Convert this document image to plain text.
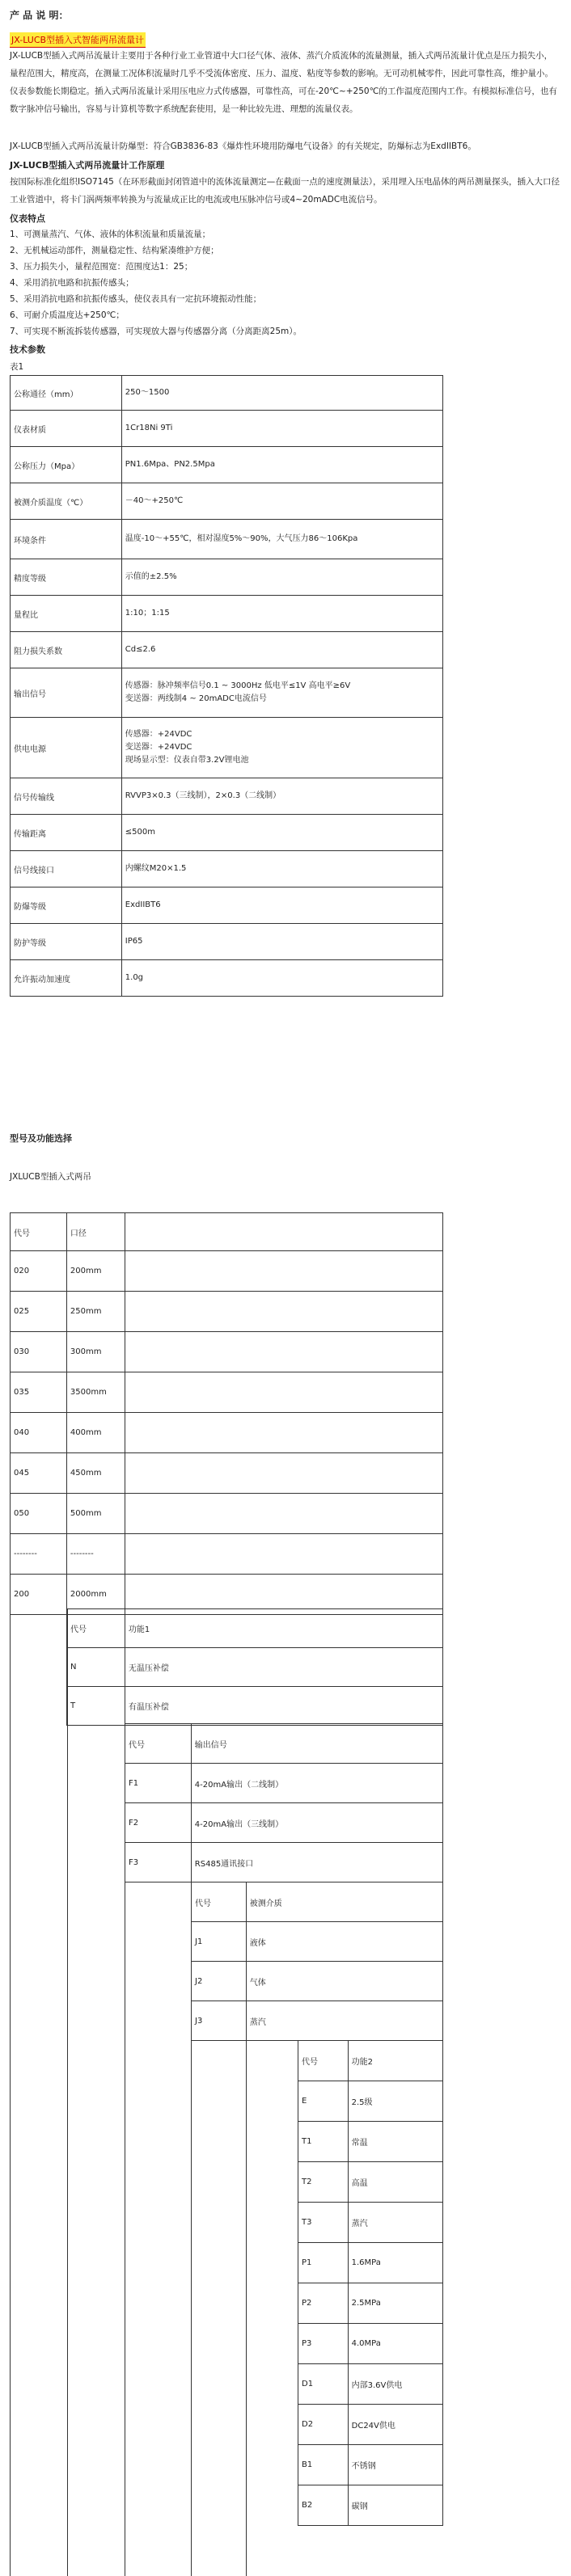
产 品 说 明：
JX-LUCB型插入式智能两吊流量计
JX-LUCB型插入式两吊流量计主要用于各种行业工业管道中大口径气体、液体、蒸汽介质流体的流量测量，插入式两吊流量计优点是压力损失小，量程范围大，精度高，在测量工况体积流量时几乎不受流体密度、压力、温度、粘度等参数的影响。无可动机械零件，因此可靠性高，维护量小。仪表参数能长期稳定。插入式两吊流量计采用压电应力式传感器，可靠性高，可在-20℃~+250℃的工作温度范围内工作。有模拟标准信号，也有数字脉冲信号输出，容易与计算机等数字系统配套使用，是一种比较先进、理想的流量仪表。
JX-LUCB型插入式两吊流量计防爆型：符合GB3836-83《爆炸性环境用防爆电气设备》的有关规定，防爆标志为ExdIIBT6。
JX-LUCB型插入式两吊流量计工作原理
按国际标准化组织ISO7145（在环形截面封闭管道中的流体流量测定—在截面一点的速度测量法），采用埋入压电晶体的两吊测量探头，插入大口径工业管道中，将卡门涡两频率转换为与流量成正比的电流或电压脉冲信号或4~20mADC电流信号。
仪表特点
1、可测量蒸汽、气体、液体的体积流量和质量流量；
2、无机械运动部件，测量稳定性、结构紧凑维护方便；
3、压力损失小，量程范围宽：范围度达1：25；
4、采用消抗电路和抗振传感头；
5、采用消抗电路和抗振传感头，使仪表具有一定抗环境振动性能；
6、可耐介质温度达+250℃；
7、可实现不断流拆装传感器，可实现放大器与传感器分离（分离距离25m）。
技术参数
表1
公称通径（mm）	250～1500

仪表材质	1Cr18Ni 9Ti

公称压力（Mpa）	PN1.6Mpa、PN2.5Mpa

被测介质温度（℃）	－40～+250℃

环境条件	温度-10～+55℃，相对湿度5%～90%，大气压力86～106Kpa

精度等级	示值的±2.5%

量程比	1:10；1:15

阻力损失系数	Cd≤2.6

输出信号	传感器：脉冲频率信号0.1 ~ 3000Hz 低电平≤1V 高电平≥6V
变送器：两线制4 ~ 20mADC电流信号

供电电源	传感器：+24VDC
变送器：+24VDC
现场显示型：仪表自带3.2V锂电池

信号传输线	RVVP3×0.3（三线制），2×0.3（二线制）

传输距离	≤500m

信号线接口	内螺纹M20×1.5

防爆等级	ExdIIBT6

防护等级	IP65

允许振动加速度	1.0g
型号及功能选择
JXLUCB型插入式两吊
代号	口径	
020	200mm	
025	250mm	
030	300mm	
035	3500mm	
040	400mm	
045	450mm	
050	500mm	
--------	--------	
200	2000mm	
代号	功能1
N	无温压补偿
T	有温压补偿
代号	输出信号
F1	4-20mA输出（二线制）
F2	4-20mA输出（三线制）
F3	RS485通讯接口
代号	被测介质
J1	液体
J2	气体
J3	蒸汽
代号	功能2
E	2.5级
T1	常温
T2	高温
T3	蒸汽
P1	1.6MPa
P2	2.5MPa
P3	4.0MPa
D1	内部3.6V供电
D2	DC24V供电
B1	不锈钢
B2	碳钢
